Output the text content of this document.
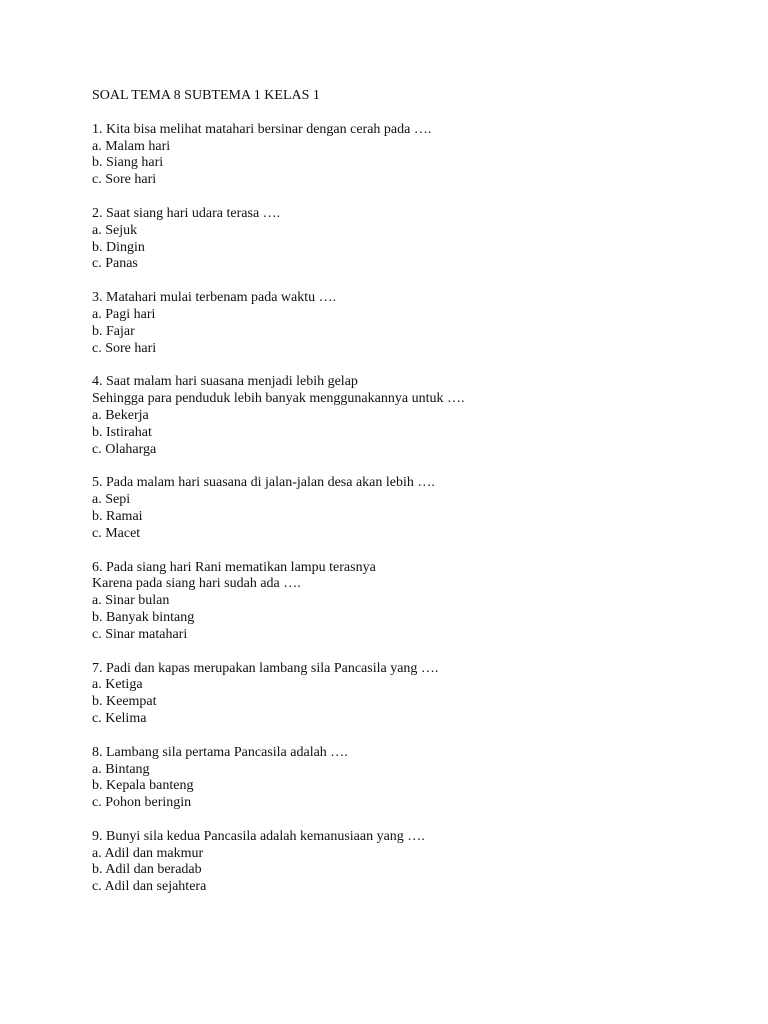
SOAL TEMA 8 SUBTEMA 1 KELAS 1
1. Kita bisa melihat matahari bersinar dengan cerah pada ….
a. Malam hari
b. Siang hari
c. Sore hari
2. Saat siang hari udara terasa ….
a. Sejuk
b. Dingin
c. Panas
3. Matahari mulai terbenam pada waktu ….
a. Pagi hari
b. Fajar
c. Sore hari
4. Saat malam hari suasana menjadi lebih gelap
Sehingga para penduduk lebih banyak menggunakannya untuk ….
a. Bekerja
b. Istirahat
c. Olaharga
5. Pada malam hari suasana di jalan-jalan desa akan lebih ….
a. Sepi
b. Ramai
c. Macet
6. Pada siang hari Rani mematikan lampu terasnya
Karena pada siang hari sudah ada ….
a. Sinar bulan
b. Banyak bintang
c. Sinar matahari
7. Padi dan kapas merupakan lambang sila Pancasila yang ….
a. Ketiga
b. Keempat
c. Kelima
8. Lambang sila pertama Pancasila adalah ….
a. Bintang
b. Kepala banteng
c. Pohon beringin
9. Bunyi sila kedua Pancasila adalah kemanusiaan yang ….
a. Adil dan makmur
b. Adil dan beradab
c. Adil dan sejahtera
